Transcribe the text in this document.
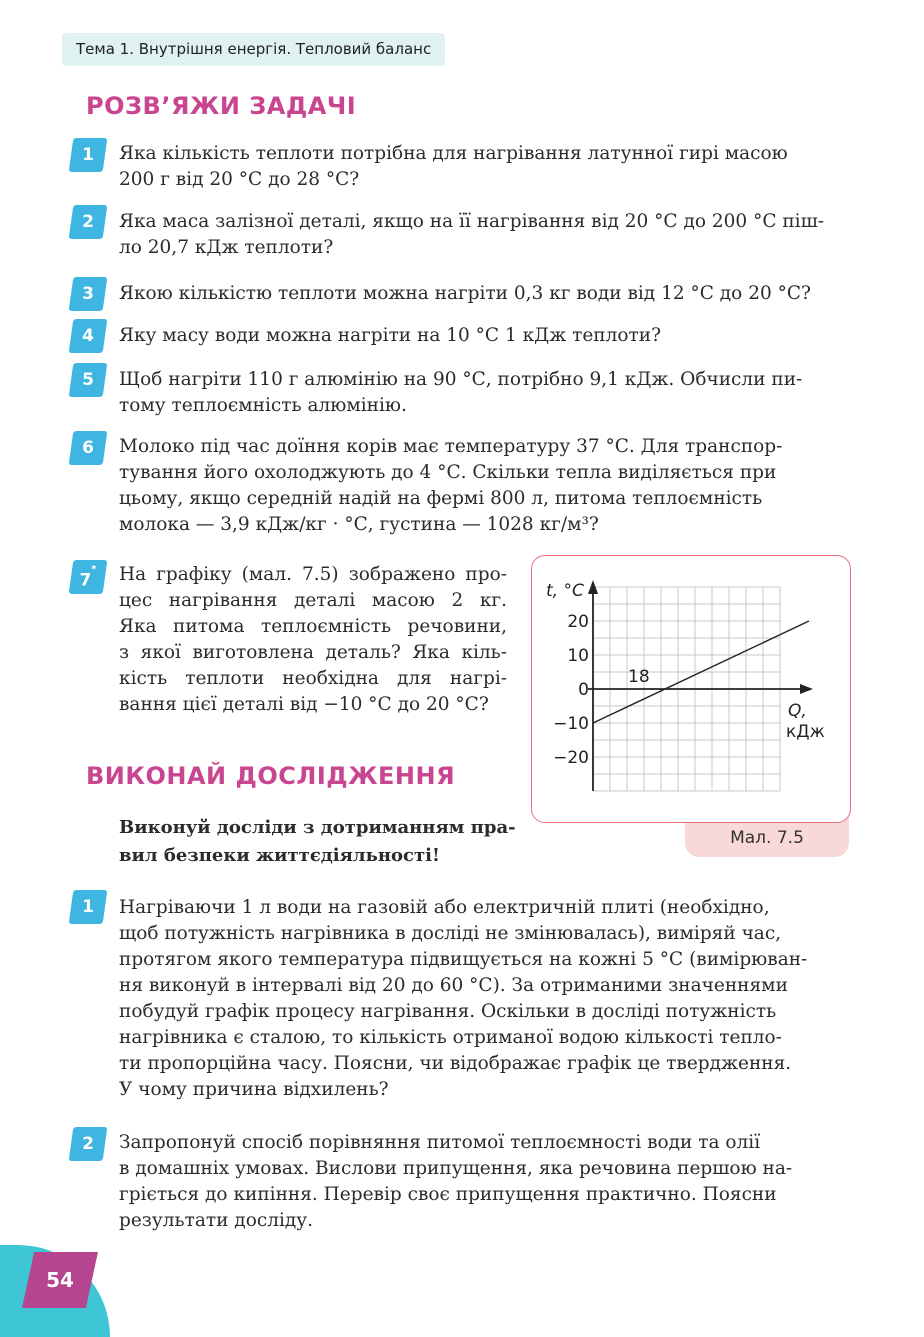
Тема 1. Внутрішня енергія. Тепловий баланс
РОЗВ’ЯЖИ ЗАДАЧІ
1
2
3
4
5
6
7*
Яка кількість теплоти потрібна для нагрівання латунної гирі масою
200 г від 20 °С до 28 °С?
Яка маса залізної деталі, якщо на її нагрівання від 20 °С до 200 °С піш-
ло 20,7 кДж теплоти?
Якою кількістю теплоти можна нагріти 0,3 кг води від 12 °С до 20 °С?
Яку масу води можна нагріти на 10 °С 1 кДж теплоти?
Щоб нагріти 110 г алюмінію на 90 °С, потрібно 9,1 кДж. Обчисли пи-
тому теплоємність алюмінію.
Молоко під час доїння корів має температуру 37 °С. Для транспор-
тування його охолоджують до 4 °С. Скільки тепла виділяється при
цьому, якщо середній надій на фермі 800 л, питома теплоємність
молока — 3,9 кДж/кг · °С, густина — 1028 кг/м³?
На графіку (мал. 7.5) зображено про-
цес нагрівання деталі масою 2 кг.
Яка питома теплоємність речовини,
з якої виготовлена деталь? Яка кіль-
кість теплоти необхідна для нагрі-
вання цієї деталі від −10 °С до 20 °С?
Мал. 7.5
20
10
0
−10
−20
t, °С
Q,
кДж
18
ВИКОНАЙ ДОСЛІДЖЕННЯ
Виконуй досліди з дотриманням пра-
вил безпеки життєдіяльності!
1	Нагріваючи 1 л води на газовій або електричній плиті (необхідно,
щоб потужність нагрівника в досліді не змінювалась), виміряй час,
протягом якого температура підвищується на кожні 5 °С (вимірюван-
ня виконуй в інтервалі від 20 до 60 °С). За отриманими значеннями
побудуй графік процесу нагрівання. Оскільки в досліді потужність
нагрівника є сталою, то кількість отриманої водою кількості тепло-
ти пропорційна часу. Поясни, чи відображає графік це твердження.
У чому причина відхилень?
2	Запропонуй спосіб порівняння питомої теплоємності води та олії
в домашніх умовах. Вислови припущення, яка речовина першою на-
гріється до кипіння. Перевір своє припущення практично. Поясни
результати досліду.
54
